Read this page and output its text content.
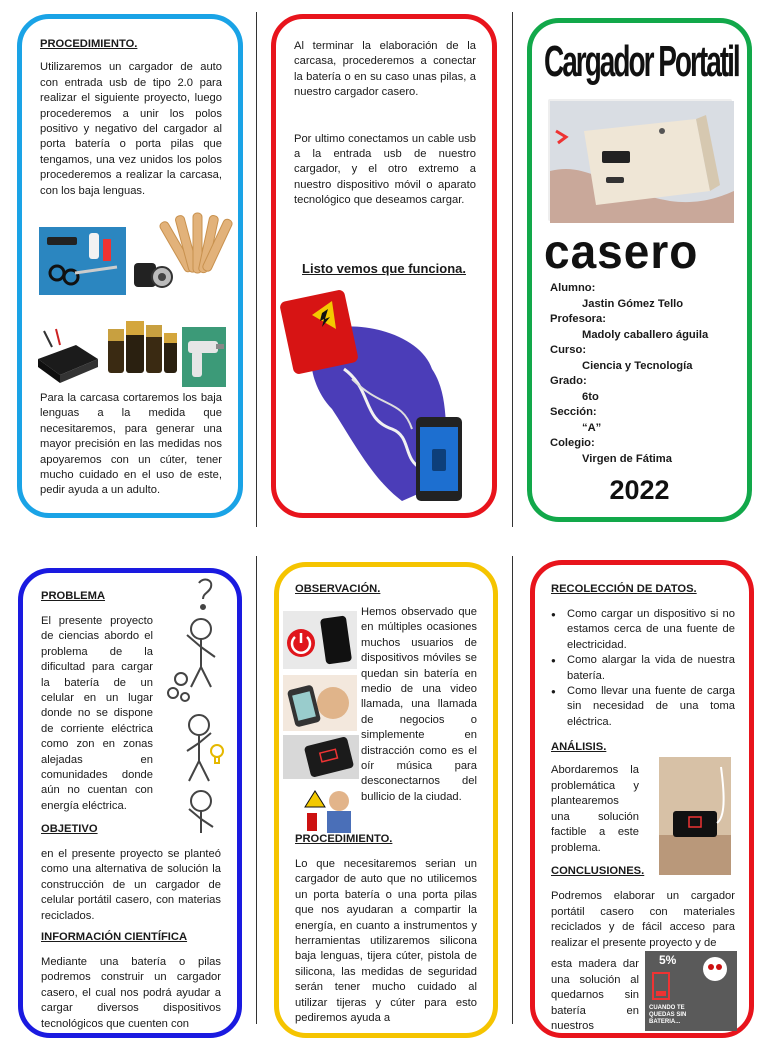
PROCEDIMIENTO.
Utilizaremos un cargador de auto con entrada usb de tipo 2.0 para realizar el siguiente proyecto, luego procederemos a unir los polos positivo y negativo del cargador al porta batería o porta pilas que tengamos, una vez unidos los polos procederemos a realizar la carcasa, con los baja lenguas.
Para la carcasa cortaremos los baja lenguas a la medida que necesitaremos, para generar una mayor precisión en las medidas nos apoyaremos con un cúter, tener mucho cuidado en el uso de este, pedir ayuda a un adulto.
Al terminar la elaboración de la carcasa, procederemos a conectar la batería o en su caso unas pilas, a nuestro cargador casero.
Por ultimo conectamos un cable usb a la entrada usb de nuestro cargador, y el otro extremo a nuestro dispositivo móvil o aparato tecnológico que deseamos cargar.
Listo vemos que funciona.
Cargador Portatil
casero
Alumno:
Jastin Gómez Tello
Profesora:
Madoly caballero águila
Curso:
Ciencia y Tecnología
Grado:
6to
Sección:
“A”
Colegio:
Virgen de Fátima
2022
PROBLEMA
El presente proyecto de ciencias abordo el problema de la dificultad para cargar la batería de un celular en un lugar donde no se dispone de corriente eléctrica como zon en zonas alejadas en comunidades donde aún no cuentan con energía eléctrica.
OBJETIVO
en el presente proyecto se planteó como una alternativa de solución la construcción de un cargador de celular portátil casero, con materias reciclados.
INFORMACIÓN CIENTÍFICA
Mediante una batería o pilas podremos construir un cargador casero, el cual nos podrá ayudar a cargar diversos dispositivos tecnológicos que cuenten con
OBSERVACIÓN.
Hemos observado que en múltiples ocasiones muchos usuarios de dispositivos móviles se quedan sin batería en medio de una video llamada, una llamada de negocios o simplemente en distracción como es el oír música para desconectarnos del bullicio de la ciudad.
PROCEDIMIENTO.
Lo que necesitaremos serian un cargador de auto que no utilicemos un porta batería o una porta pilas que nos ayudaran a compartir la energía, en cuanto a instrumentos y herramientas utilizaremos silicona baja lenguas, tijera cúter, pistola de silicona, las medidas de seguridad serán tener mucho cuidado al utilizar tijeras y cúter para esto pediremos ayuda a
RECOLECCIÓN DE DATOS.
● Como cargar un dispositivo si no estamos cerca de una fuente de electricidad.
● Como alargar la vida de nuestra batería.
● Como llevar una fuente de carga sin necesidad de una toma eléctrica.
ANÁLISIS.
Abordaremos la problemática y plantearemos una solución factible a este problema.
CONCLUSIONES.
Podremos elaborar un cargador portátil casero con materiales reciclados y de fácil acceso para realizar el presente proyecto y de
esta madera dar una solución al quedarnos sin batería en nuestros
5%
CUANDO TE QUEDAS SIN BATERIA...
